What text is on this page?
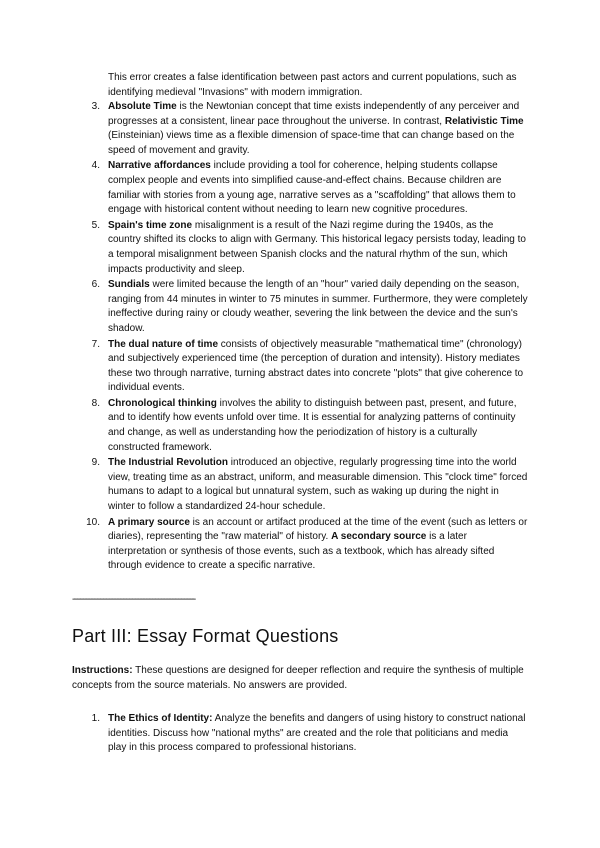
This error creates a false identification between past actors and current populations, such as identifying medieval "Invasions" with modern immigration.

3 . Absolute Time is the Newtonian concept that time exists independently of any perceiver and progresses at a consistent, linear pace throughout the universe. In contrast, Relativistic Time (Einsteinian) views time as a flexible dimension of space-time that can change based on the speed of movement and gravity.
4 . Narrative affordances include providing a tool for coherence, helping students collapse complex people and events into simplified cause-and-effect chains. Because children are familiar with stories from a young age, narrative serves as a "scaffolding" that allows them to engage with historical content without needing to learn new cognitive procedures.
5 . Spain's time zone misalignment is a result of the Nazi regime during the 1940s, as the country shifted its clocks to align with Germany. This historical legacy persists today, leading to a temporal misalignment between Spanish clocks and the natural rhythm of the sun, which impacts productivity and sleep.
6 . Sundials were limited because the length of an "hour" varied daily depending on the season, ranging from 44 minutes in winter to 75 minutes in summer. Furthermore, they were completely ineffective during rainy or cloudy weather, severing the link between the device and the sun's shadow.
7 . The dual nature of time consists of objectively measurable "mathematical time" (chronology) and subjectively experienced time (the perception of duration and intensity). History mediates these two through narrative, turning abstract dates into concrete "plots" that give coherence to individual events.
8 . Chronological thinking involves the ability to distinguish between past, present, and future, and to identify how events unfold over time. It is essential for analyzing patterns of continuity and change, as well as understanding how the periodization of history is a culturally constructed framework.
9 . The Industrial Revolution introduced an objective, regularly progressing time into the world view, treating time as an abstract, uniform, and measurable dimension. This "clock time" forced humans to adapt to a logical but unnatural system, such as waking up during the night in winter to follow a standardized 24-hour schedule.
10 . A primary source is an account or artifact produced at the time of the event (such as letters or diaries), representing the "raw material" of history. A secondary source is a later interpretation or synthesis of those events, such as a textbook, which has already sifted through evidence to create a specific narrative.
--------------------------------------------------------------------------------
Part III: Essay Format Questions

Instructions: These questions are designed for deeper reflection and require the synthesis of multiple concepts from the source materials. No answers are provided.

1 . The Ethics of Identity: Analyze the benefits and dangers of using history to construct national identities. Discuss how "national myths" are created and the role that politicians and media play in this process compared to professional historians.
